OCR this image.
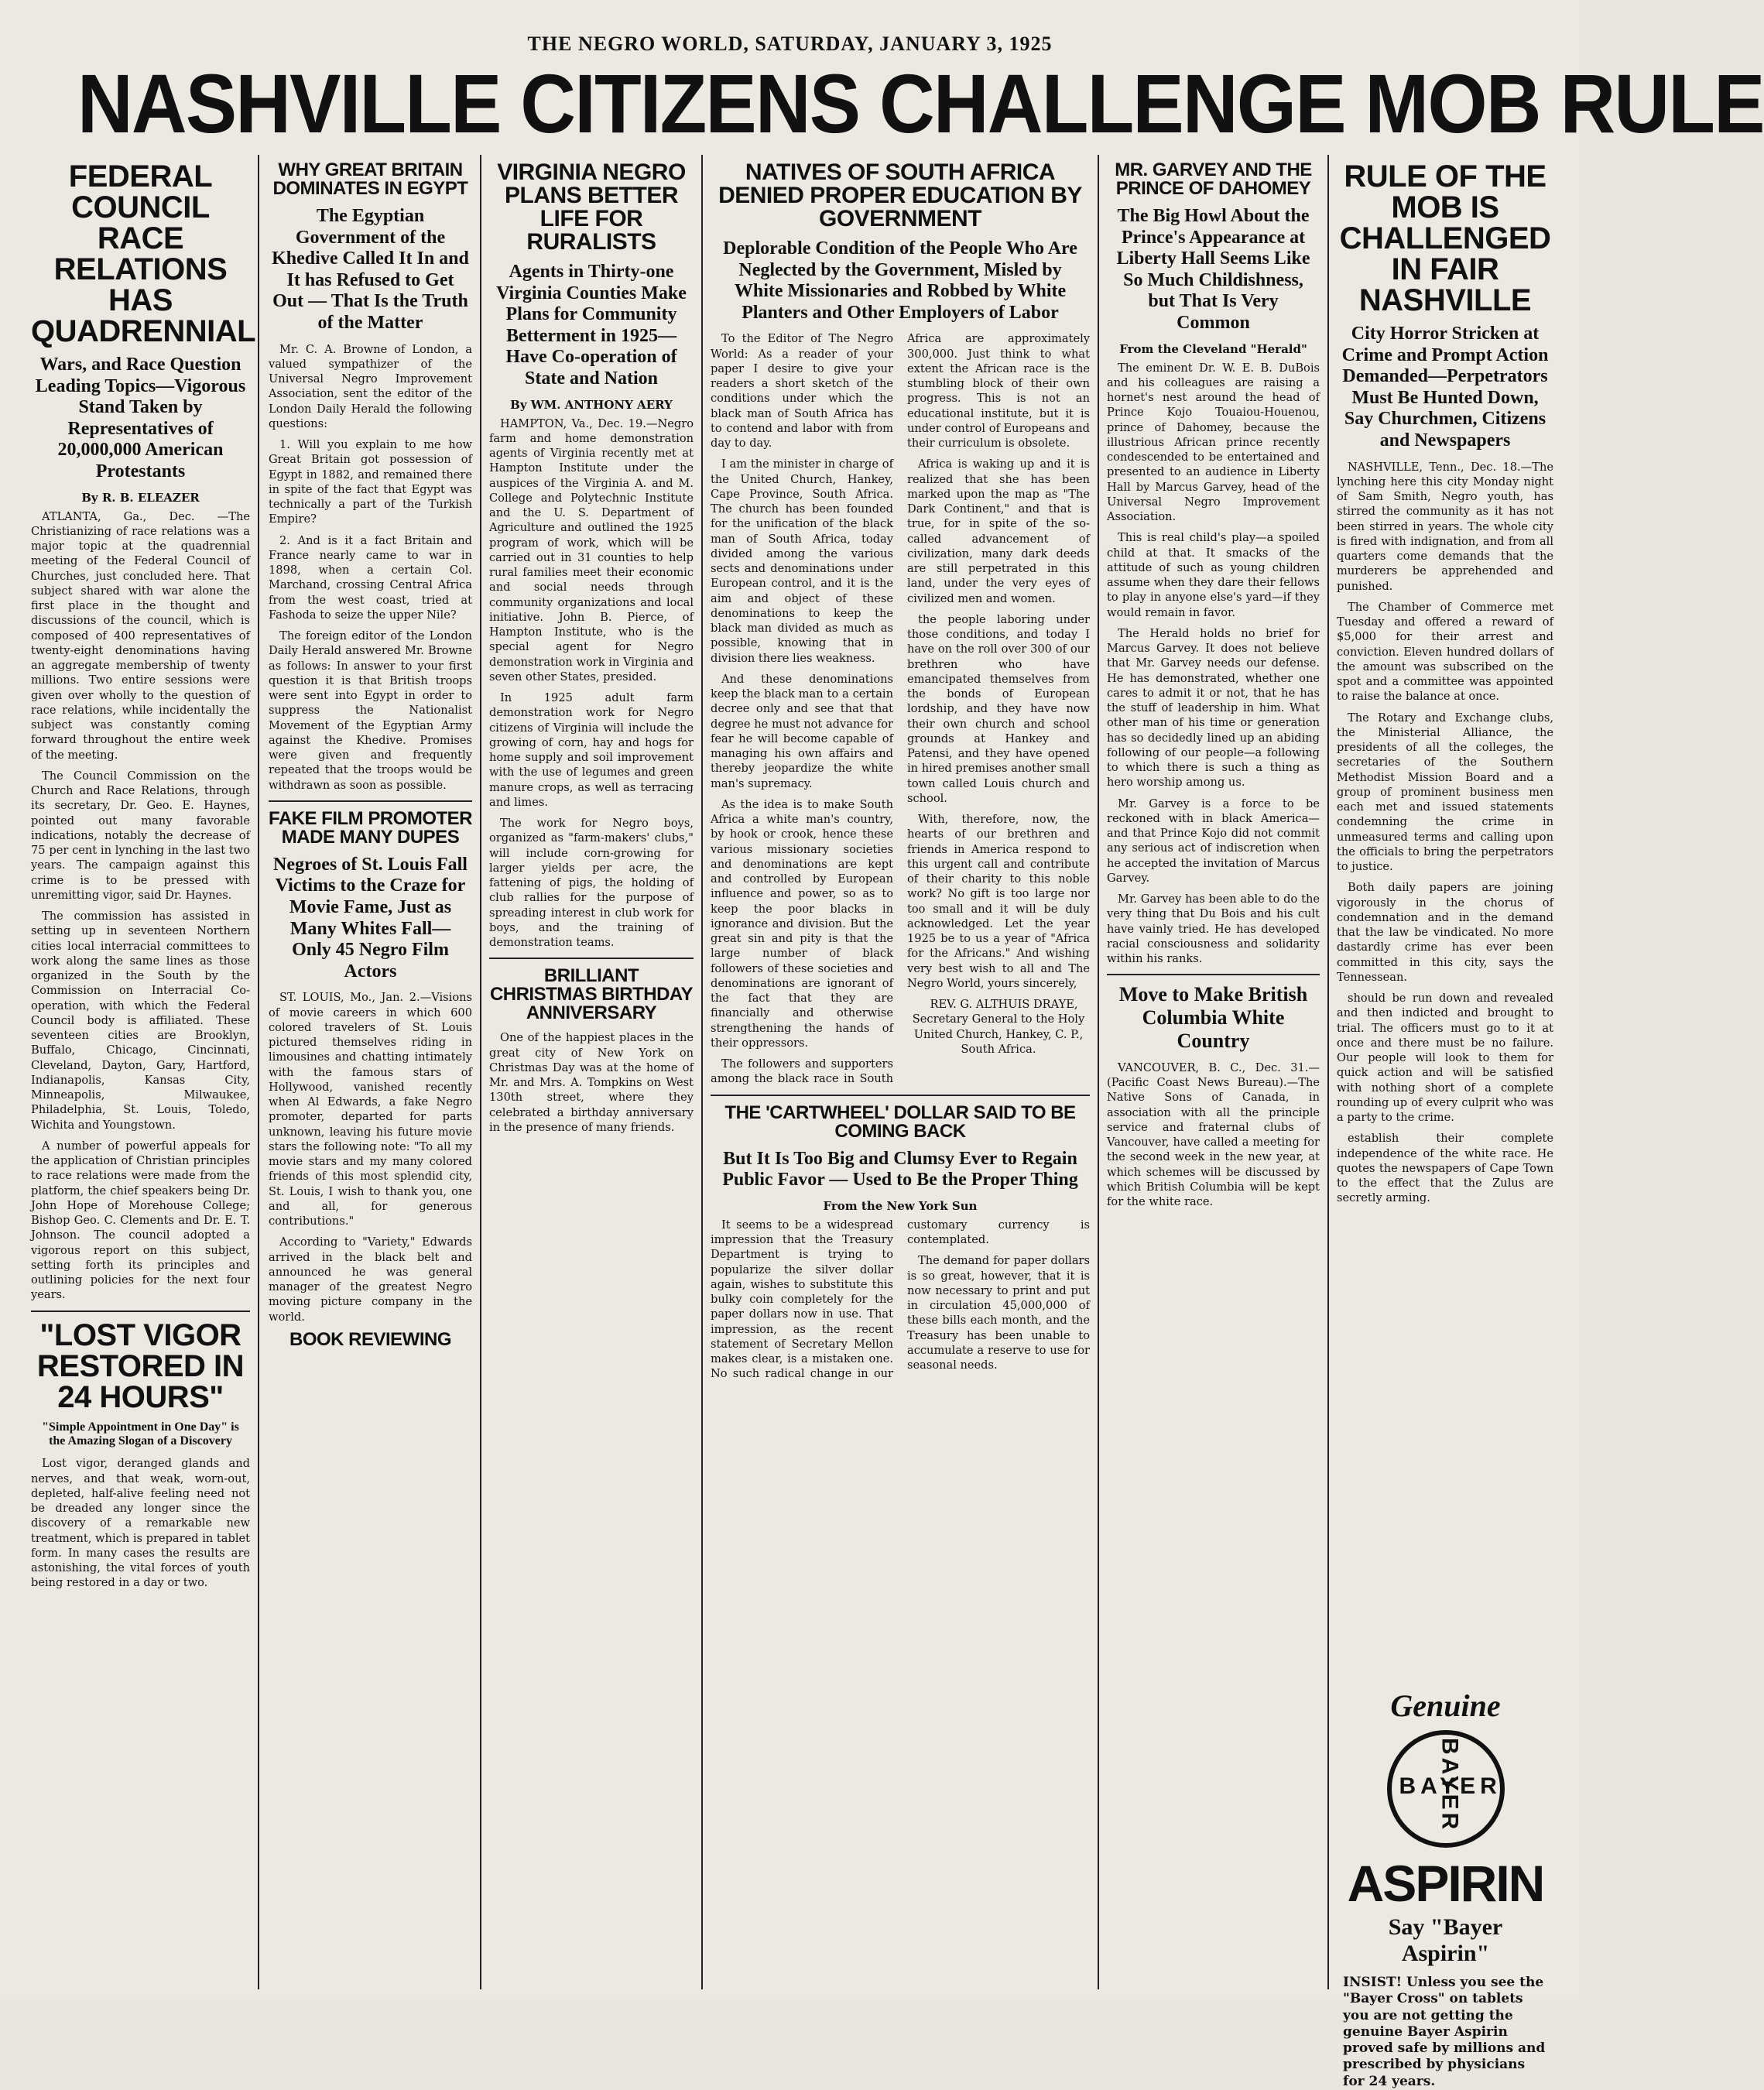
THE NEGRO WORLD, SATURDAY, JANUARY 3, 1925
NASHVILLE CITIZENS CHALLENGE MOB RULE
FEDERAL COUNCIL RACE RELATIONS HAS QUADRENNIAL
Wars, and Race Question Leading Topics—Vigorous Stand Taken by Representatives of 20,000,000 American Protestants
By R. B. ELEAZER

ATLANTA, Ga., Dec. —The Christianizing of race relations was a major topic at the quadrennial meeting of the Federal Council of Churches, just concluded here. That subject shared with war alone the first place in the thought and discussions of the council, which is composed of 400 representatives of twenty-eight denominations having an aggregate membership of twenty millions. Two entire sessions were given over wholly to the question of race relations, while incidentally the subject was constantly coming forward throughout the entire week of the meeting.

The Council Commission on the Church and Race Relations, through its secretary, Dr. Geo. E. Haynes, pointed out many favorable indications, notably the decrease of 75 per cent in lynching in the last two years. The campaign against this crime is to be pressed with unremitting vigor, said Dr. Haynes.

The commission has assisted in setting up in seventeen Northern cities local interracial committees to work along the same lines as those organized in the South by the Commission on Interracial Co-operation, with which the Federal Council body is affiliated. These seventeen cities are Brooklyn, Buffalo, Chicago, Cincinnati, Cleveland, Dayton, Gary, Hartford, Indianapolis, Kansas City, Minneapolis, Milwaukee, Philadelphia, St. Louis, Toledo, Wichita and Youngstown.

A number of powerful appeals for the application of Christian principles to race relations were made from the platform, the chief speakers being Dr. John Hope of Morehouse College; Bishop Geo. C. Clements and Dr. E. T. Johnson. The council adopted a vigorous report on this subject, setting forth its principles and outlining policies for the next four years.

"LOST VIGOR RESTORED IN 24 HOURS"
"Simple Appointment in One Day" is the Amazing Slogan of a Discovery

Lost vigor, deranged glands and nerves, and that weak, worn-out, depleted, half-alive feeling need not be dreaded any longer since the discovery of a remarkable new treatment, which is prepared in tablet form. In many cases the results are astonishing, the vital forces of youth being restored in a day or two.

WHY GREAT BRITAIN DOMINATES IN EGYPT
The Egyptian Government of the Khedive Called It In and It has Refused to Get Out — That Is the Truth of the Matter

Mr. C. A. Browne of London, a valued sympathizer of the Universal Negro Improvement Association, sent the editor of the London Daily Herald the following questions:

1. Will you explain to me how Great Britain got possession of Egypt in 1882, and remained there in spite of the fact that Egypt was technically a part of the Turkish Empire?

2. And is it a fact Britain and France nearly came to war in 1898, when a certain Col. Marchand, crossing Central Africa from the west coast, tried at Fashoda to seize the upper Nile?

The foreign editor of the London Daily Herald answered Mr. Browne as follows: In answer to your first question it is that British troops were sent into Egypt in order to suppress the Nationalist Movement of the Egyptian Army against the Khedive. Promises were given and frequently repeated that the troops would be withdrawn as soon as possible.

FAKE FILM PROMOTER MADE MANY DUPES
Negroes of St. Louis Fall Victims to the Craze for Movie Fame, Just as Many Whites Fall—Only 45 Negro Film Actors

ST. LOUIS, Mo., Jan. 2.—Visions of movie careers in which 600 colored travelers of St. Louis pictured themselves riding in limousines and chatting intimately with the famous stars of Hollywood, vanished recently when Al Edwards, a fake Negro promoter, departed for parts unknown, leaving his future movie stars the following note: "To all my movie stars and my many colored friends of this most splendid city, St. Louis, I wish to thank you, one and all, for generous contributions."

According to "Variety," Edwards arrived in the black belt and announced he was general manager of the greatest Negro moving picture company in the world.

BOOK REVIEWING
VIRGINIA NEGRO PLANS BETTER LIFE FOR RURALISTS
Agents in Thirty-one Virginia Counties Make Plans for Community Betterment in 1925—Have Co-operation of State and Nation
By WM. ANTHONY AERY

HAMPTON, Va., Dec. 19.—Negro farm and home demonstration agents of Virginia recently met at Hampton Institute under the auspices of the Virginia A. and M. College and Polytechnic Institute and the U. S. Department of Agriculture and outlined the 1925 program of work, which will be carried out in 31 counties to help rural families meet their economic and social needs through community organizations and local initiative. John B. Pierce, of Hampton Institute, who is the special agent for Negro demonstration work in Virginia and seven other States, presided.

In 1925 adult farm demonstration work for Negro citizens of Virginia will include the growing of corn, hay and hogs for home supply and soil improvement with the use of legumes and green manure crops, as well as terracing and limes.

The work for Negro boys, organized as "farm-makers' clubs," will include corn-growing for larger yields per acre, the fattening of pigs, the holding of club rallies for the purpose of spreading interest in club work for boys, and the training of demonstration teams.

BRILLIANT CHRISTMAS BIRTHDAY ANNIVERSARY

One of the happiest places in the great city of New York on Christmas Day was at the home of Mr. and Mrs. A. Tompkins on West 130th street, where they celebrated a birthday anniversary in the presence of many friends.

NATIVES OF SOUTH AFRICA DENIED PROPER EDUCATION BY GOVERNMENT
Deplorable Condition of the People Who Are Neglected by the Government, Misled by White Missionaries and Robbed by White Planters and Other Employers of Labor

To the Editor of The Negro World: As a reader of your paper I desire to give your readers a short sketch of the conditions under which the black man of South Africa has to contend and labor with from day to day.

I am the minister in charge of the United Church, Hankey, Cape Province, South Africa. The church has been founded for the unification of the black man of South Africa, today divided among the various sects and denominations under European control, and it is the aim and object of these denominations to keep the black man divided as much as possible, knowing that in division there lies weakness.

And these denominations keep the black man to a certain decree only and see that that degree he must not advance for fear he will become capable of managing his own affairs and thereby jeopardize the white man's supremacy.

As the idea is to make South Africa a white man's country, by hook or crook, hence these various missionary societies and denominations are kept and controlled by European influence and power, so as to keep the poor blacks in ignorance and division. But the great sin and pity is that the large number of black followers of these societies and denominations are ignorant of the fact that they are financially and otherwise strengthening the hands of their oppressors.

The followers and supporters among the black race in South Africa are approximately 300,000. Just think to what extent the African race is the stumbling block of their own progress. This is not an educational institute, but it is under control of Europeans and their curriculum is obsolete.

Africa is waking up and it is realized that she has been marked upon the map as "The Dark Continent," and that is true, for in spite of the so-called advancement of civilization, many dark deeds are still perpetrated in this land, under the very eyes of civilized men and women.

the people laboring under those conditions, and today I have on the roll over 300 of our brethren who have emancipated themselves from the bonds of European lordship, and they have now their own church and school grounds at Hankey and Patensi, and they have opened in hired premises another small town called Louis church and school.

With, therefore, now, the hearts of our brethren and friends in America respond to this urgent call and contribute of their charity to this noble work? No gift is too large nor too small and it will be duly acknowledged. Let the year 1925 be to us a year of "Africa for the Africans." And wishing very best wish to all and The Negro World, yours sincerely,

REV. G. ALTHUIS DRAYE, Secretary General to the Holy United Church, Hankey, C. P., South Africa.

THE 'CARTWHEEL' DOLLAR SAID TO BE COMING BACK
But It Is Too Big and Clumsy Ever to Regain Public Favor — Used to Be the Proper Thing
From the New York Sun

It seems to be a widespread impression that the Treasury Department is trying to popularize the silver dollar again, wishes to substitute this bulky coin completely for the paper dollars now in use. That impression, as the recent statement of Secretary Mellon makes clear, is a mistaken one. No such radical change in our customary currency is contemplated.

The demand for paper dollars is so great, however, that it is now necessary to print and put in circulation 45,000,000 of these bills each month, and the Treasury has been unable to accumulate a reserve to use for seasonal needs.

MR. GARVEY AND THE PRINCE OF DAHOMEY
The Big Howl About the Prince's Appearance at Liberty Hall Seems Like So Much Childishness, but That Is Very Common
From the Cleveland "Herald"

The eminent Dr. W. E. B. DuBois and his colleagues are raising a hornet's nest around the head of Prince Kojo Touaiou-Houenou, prince of Dahomey, because the illustrious African prince recently condescended to be entertained and presented to an audience in Liberty Hall by Marcus Garvey, head of the Universal Negro Improvement Association.

This is real child's play—a spoiled child at that. It smacks of the attitude of such as young children assume when they dare their fellows to play in anyone else's yard—if they would remain in favor.

The Herald holds no brief for Marcus Garvey. It does not believe that Mr. Garvey needs our defense. He has demonstrated, whether one cares to admit it or not, that he has the stuff of leadership in him. What other man of his time or generation has so decidedly lined up an abiding following of our people—a following to which there is such a thing as hero worship among us.

Mr. Garvey is a force to be reckoned with in black America—and that Prince Kojo did not commit any serious act of indiscretion when he accepted the invitation of Marcus Garvey.

Mr. Garvey has been able to do the very thing that Du Bois and his cult have vainly tried. He has developed racial consciousness and solidarity within his ranks.

Move to Make British Columbia White Country

VANCOUVER, B. C., Dec. 31.—(Pacific Coast News Bureau).—The Native Sons of Canada, in association with all the principle service and fraternal clubs of Vancouver, have called a meeting for the second week in the new year, at which schemes will be discussed by which British Columbia will be kept for the white race.

RULE OF THE MOB IS CHALLENGED IN FAIR NASHVILLE
City Horror Stricken at Crime and Prompt Action Demanded—Perpetrators Must Be Hunted Down, Say Churchmen, Citizens and Newspapers

NASHVILLE, Tenn., Dec. 18.—The lynching here this city Monday night of Sam Smith, Negro youth, has stirred the community as it has not been stirred in years. The whole city is fired with indignation, and from all quarters come demands that the murderers be apprehended and punished.

The Chamber of Commerce met Tuesday and offered a reward of $5,000 for their arrest and conviction. Eleven hundred dollars of the amount was subscribed on the spot and a committee was appointed to raise the balance at once.

The Rotary and Exchange clubs, the Ministerial Alliance, the presidents of all the colleges, the secretaries of the Southern Methodist Mission Board and a group of prominent business men each met and issued statements condemning the crime in unmeasured terms and calling upon the officials to bring the perpetrators to justice.

Both daily papers are joining vigorously in the chorus of condemnation and in the demand that the law be vindicated. No more dastardly crime has ever been committed in this city, says the Tennessean.

should be run down and revealed and then indicted and brought to trial. The officers must go to it at once and there must be no failure. Our people will look to them for quick action and will be satisfied with nothing short of a complete rounding up of every culprit who was a party to the crime.

establish their complete independence of the white race. He quotes the newspapers of Cape Town to the effect that the Zulus are secretly arming.

Genuine
BAYER
BAYER
ASPIRIN
Say "Bayer Aspirin"
INSIST! Unless you see the "Bayer Cross" on tablets you are not getting the genuine Bayer Aspirin proved safe by millions and prescribed by physicians for 24 years.
